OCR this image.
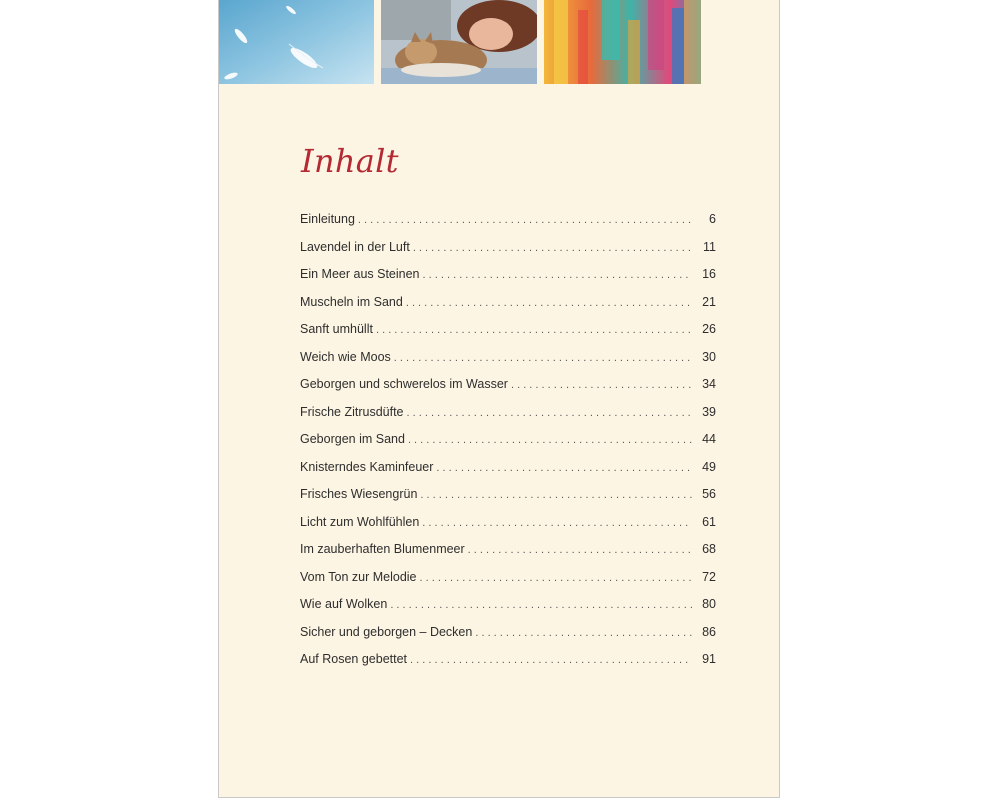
Inhalt
Einleitung . . .	6
Lavendel in der Luft . . .	11
Ein Meer aus Steinen . . .	16
Muscheln im Sand . . .	21
Sanft umhüllt . . .	26
Weich wie Moos . . .	30
Geborgen und schwerelos im Wasser . . .	34
Frische Zitrusdüfte . . .	39
Geborgen im Sand . . .	44
Knisterndes Kaminfeuer . . .	49
Frisches Wiesengrün . . .	56
Licht zum Wohlfühlen . . .	61
Im zauberhaften Blumenmeer . . .	68
Vom Ton zur Melodie . . .	72
Wie auf Wolken . . .	80
Sicher und geborgen – Decken . . .	86
Auf Rosen gebettet . . .	91
